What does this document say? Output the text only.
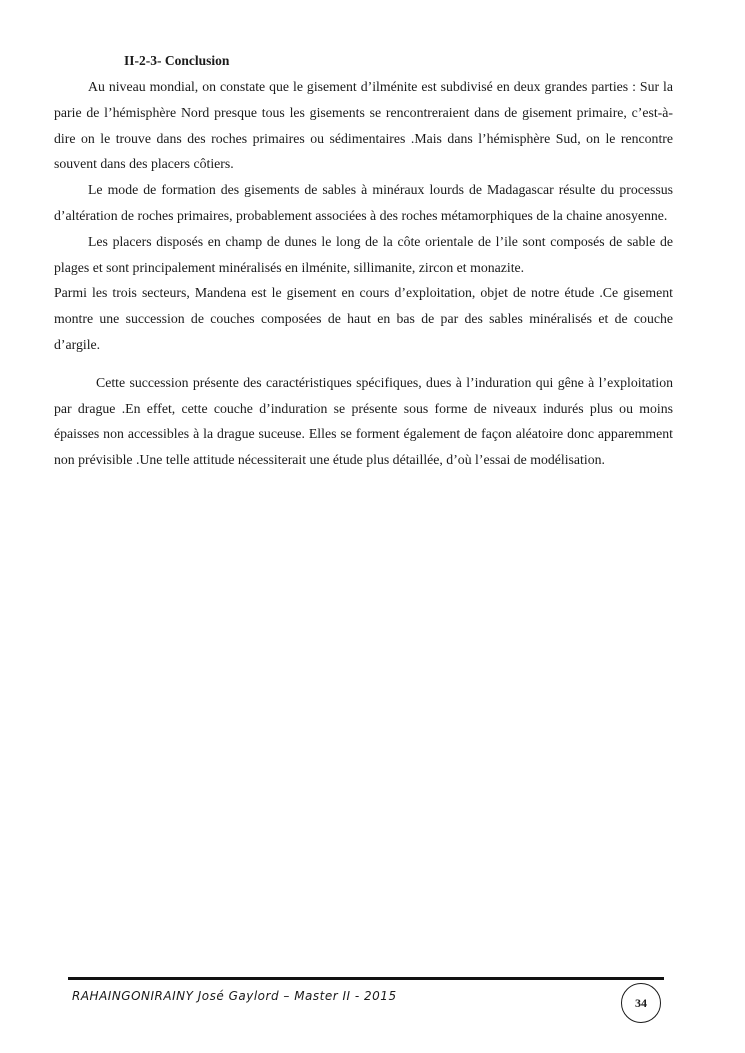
II-2-3- Conclusion

Au niveau mondial, on constate que le gisement d’ilménite est subdivisé en deux grandes parties : Sur la parie de l’hémisphère Nord presque tous les gisements se rencontreraient dans de gisement primaire, c’est-à-dire on le trouve dans des roches primaires ou sédimentaires .Mais dans l’hémisphère Sud, on le rencontre souvent dans des placers côtiers.

Le mode de formation des gisements de sables à minéraux lourds de Madagascar résulte du processus d’altération de roches primaires, probablement associées à des roches métamorphiques de la chaine anosyenne.

Les placers disposés en champ de dunes le long de la côte orientale de l’ile sont composés de sable de plages et sont principalement minéralisés en ilménite, sillimanite, zircon et monazite.

Parmi les trois secteurs, Mandena est le gisement en cours d’exploitation, objet de notre étude .Ce gisement montre une succession de couches composées de haut en bas de par des sables minéralisés et de couche d’argile.

Cette succession présente des caractéristiques spécifiques, dues à l’induration qui gêne à l’exploitation par drague .En effet, cette couche d’induration se présente sous forme de niveaux indurés plus ou moins épaisses non accessibles à la drague suceuse. Elles se forment également de façon aléatoire donc apparemment non prévisible .Une telle attitude nécessiterait une étude plus détaillée, d’où l’essai de modélisation.

RAHAINGONIRAINY José Gaylord – Master II - 2015	34
